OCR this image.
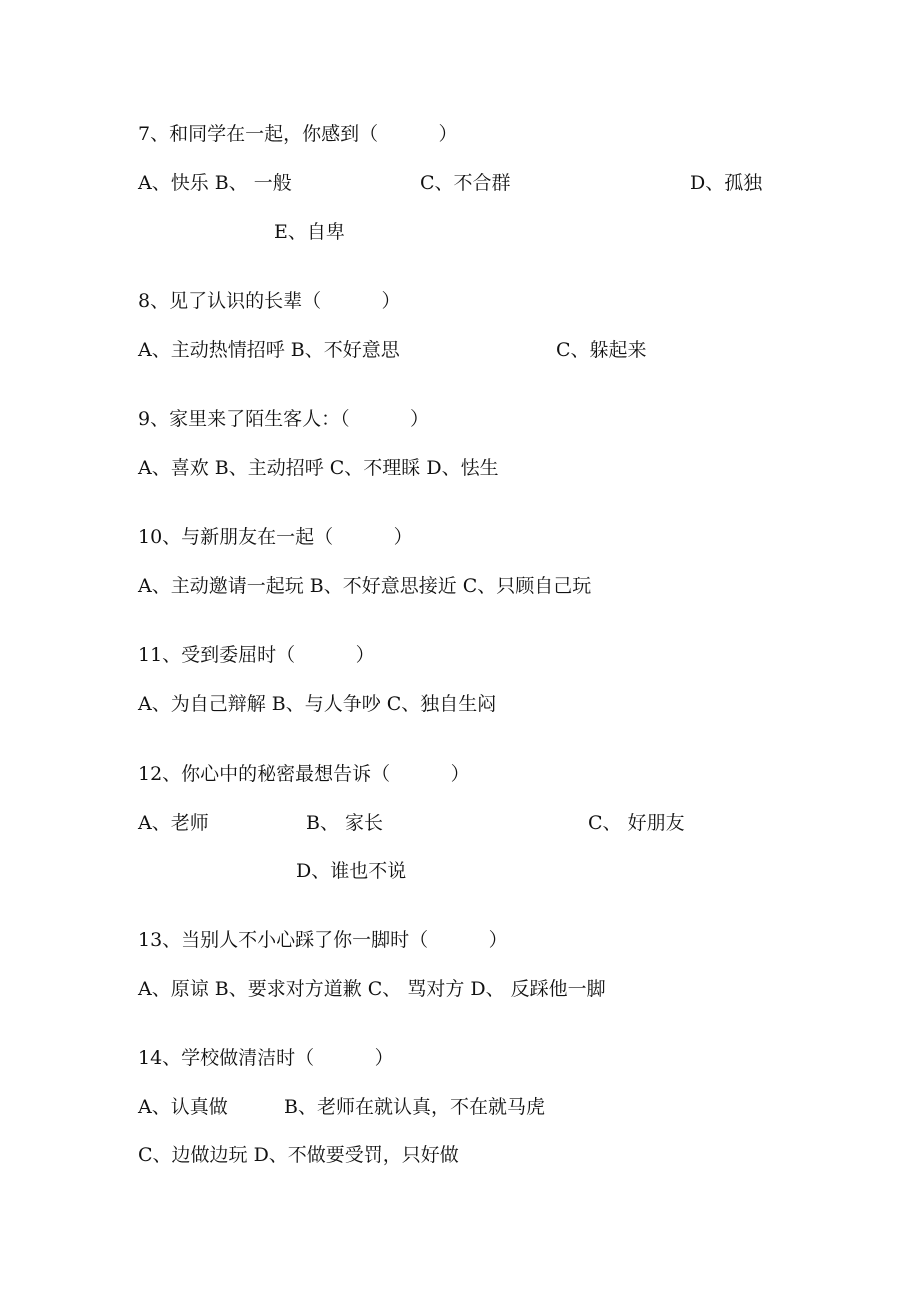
7、和同学在一起，你感到（          ）
A、快乐 B、 一般	C、不合群	D、孤独
E、自卑
8、见了认识的长辈（          ）
A、主动热情招呼 B、不好意思	C、躲起来
9、家里来了陌生客人：（          ）
A、喜欢 B、主动招呼 C、不理睬 D、怯生
10、与新朋友在一起（          ）
A、主动邀请一起玩 B、不好意思接近 C、只顾自己玩
11、受到委屈时（          ）
A、为自己辩解 B、与人争吵 C、独自生闷
12、你心中的秘密最想告诉（          ）
A、老师	B、 家长	C、 好朋友
D、谁也不说
13、当别人不小心踩了你一脚时（          ）
A、原谅 B、要求对方道歉 C、 骂对方 D、 反踩他一脚
14、学校做清洁时（          ）
A、认真做	B、老师在就认真，不在就马虎
C、边做边玩 D、不做要受罚，只好做
